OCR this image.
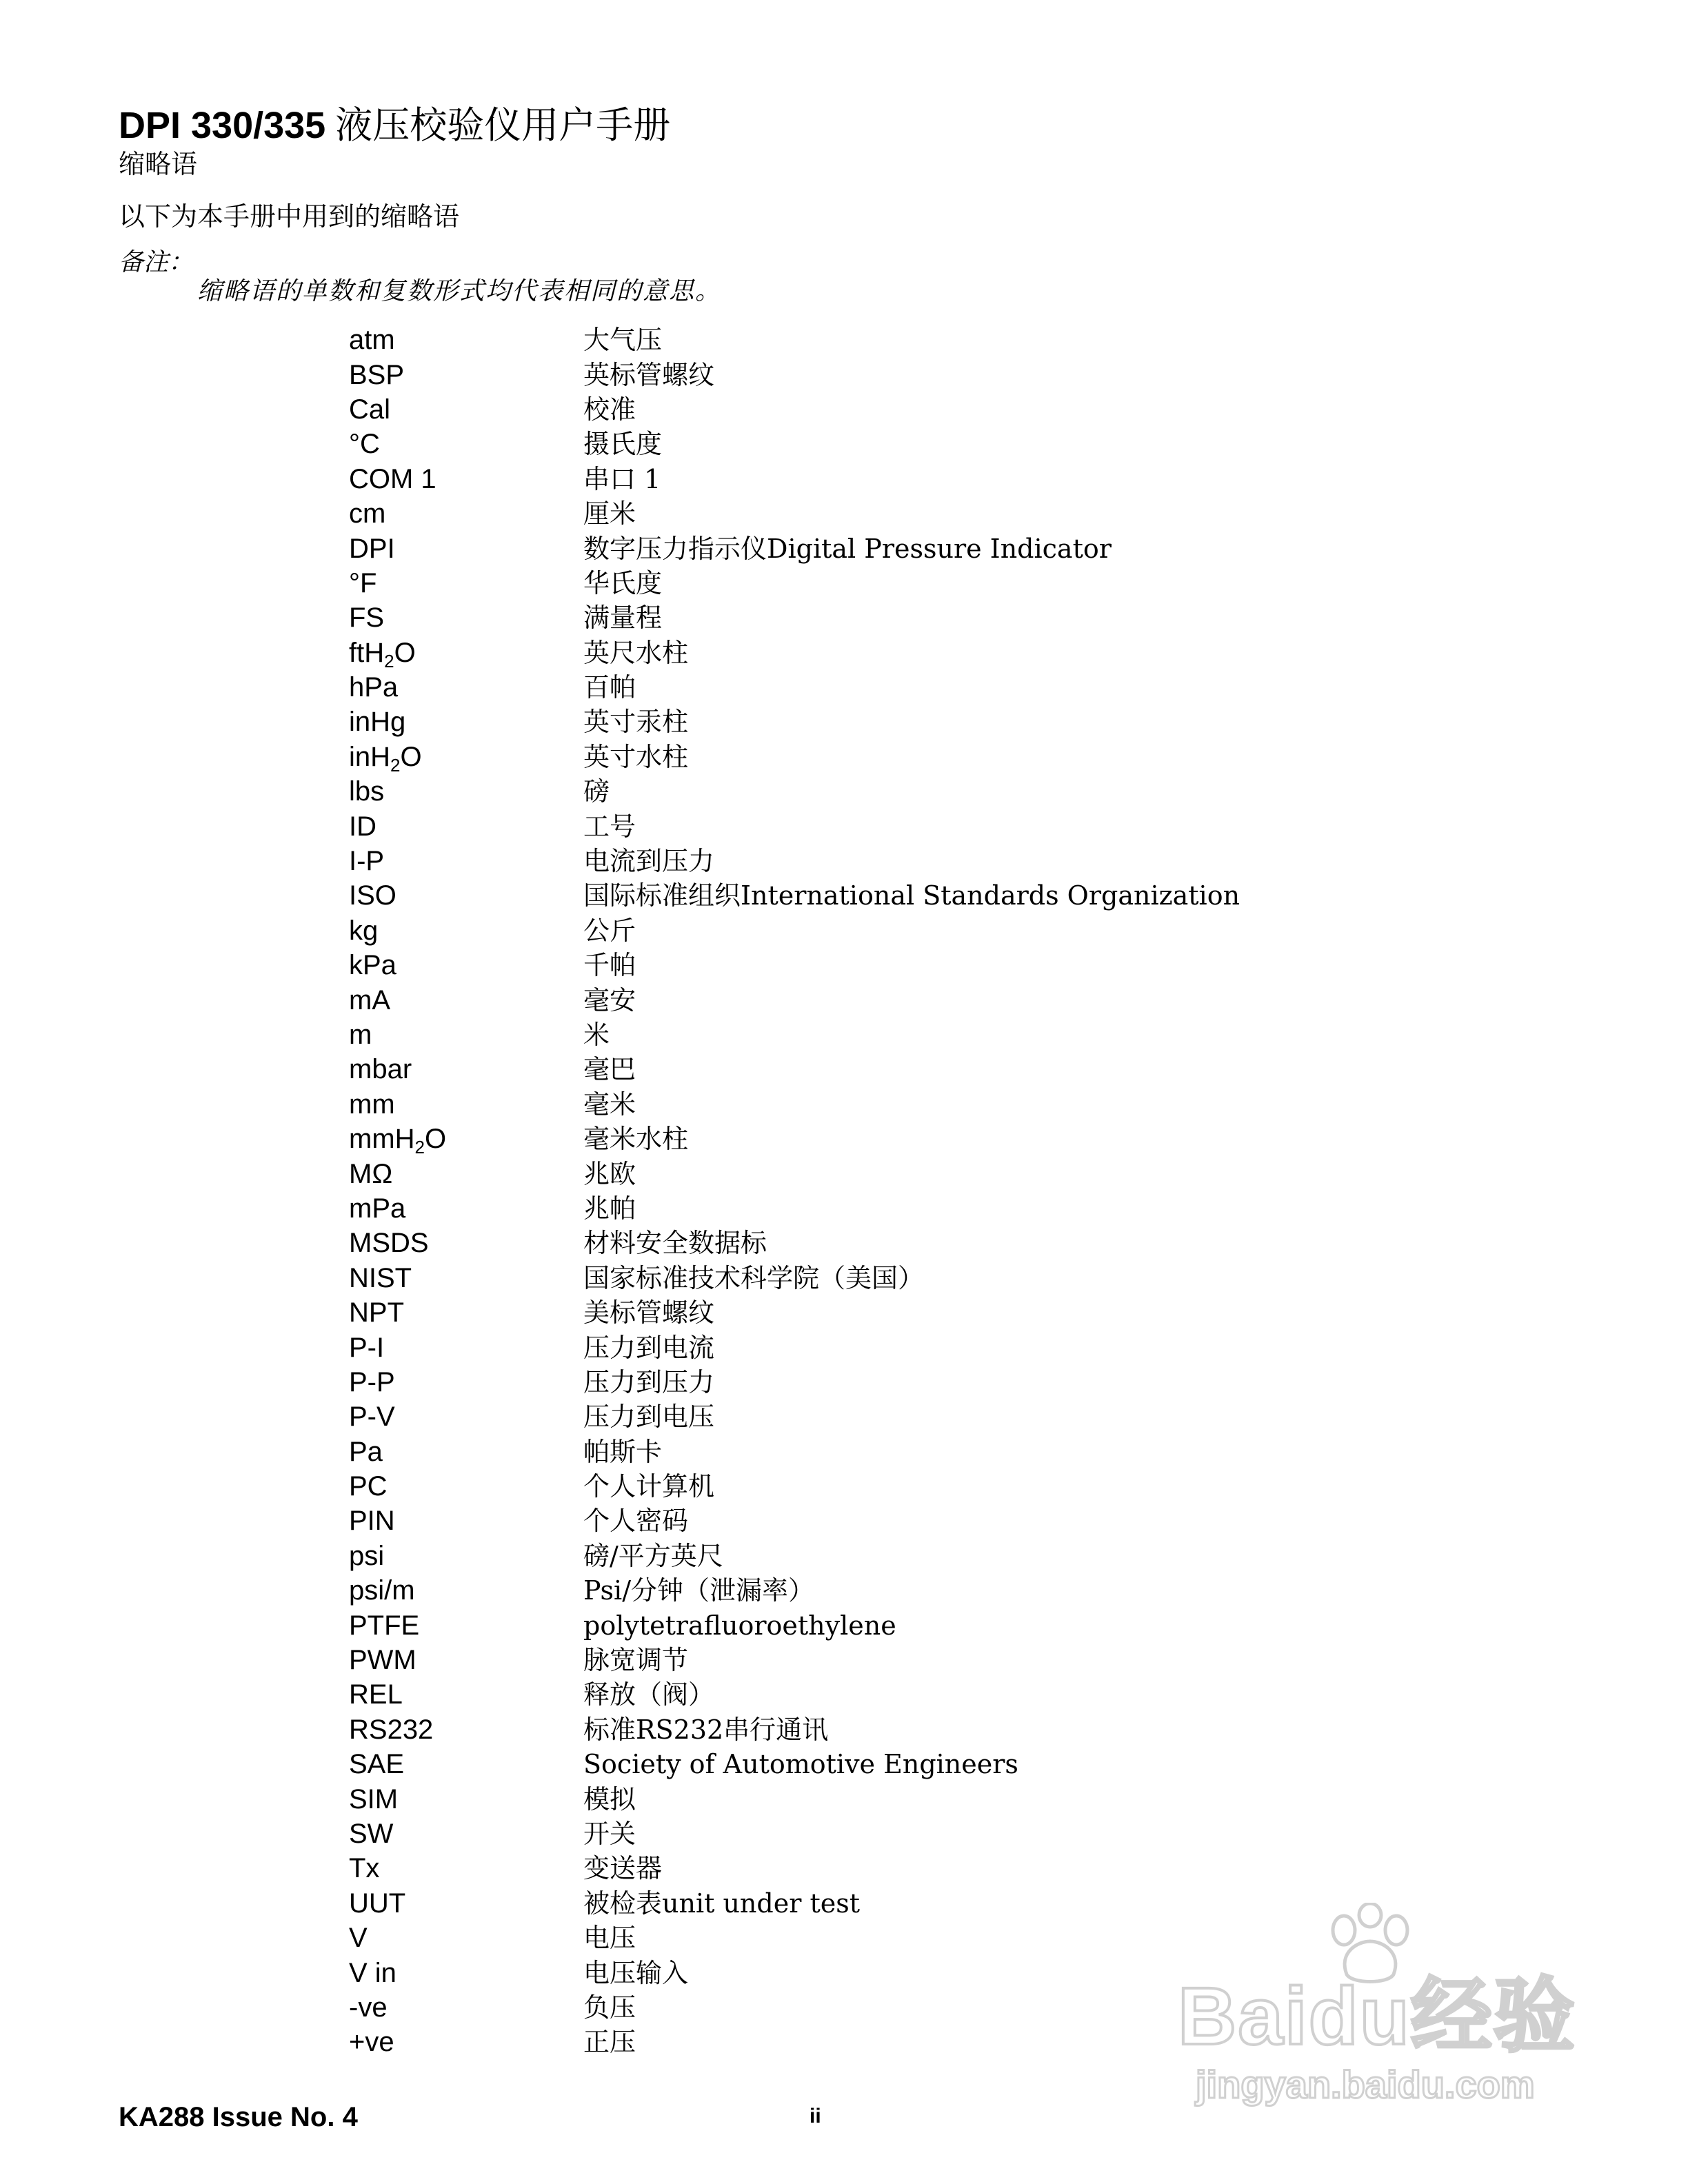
DPI 330/335 液压校验仪用户手册
缩略语
以下为本手册中用到的缩略语
备注：
缩略语的单数和复数形式均代表相同的意思。
atm	大气压
BSP	英标管螺纹
Cal	校准
°C	摄氏度
COM 1	串口 1
cm	厘米
DPI	数字压力指示仪Digital Pressure Indicator
°F	华氏度
FS	满量程
ftH$_2$O	英尺水柱
hPa	百帕
inHg	英寸汞柱
inH$_2$O	英寸水柱
lbs	磅
ID	工号
I-P	电流到压力
ISO	国际标准组织International Standards Organization
kg	公斤
kPa	千帕
mA	毫安
m	米
mbar	毫巴
mm	毫米
mmH$_2$O	毫米水柱
MΩ	兆欧
mPa	兆帕
MSDS	材料安全数据标
NIST	国家标准技术科学院（美国）
NPT	美标管螺纹
P-I	压力到电流
P-P	压力到压力
P-V	压力到电压
Pa	帕斯卡
PC	个人计算机
PIN	个人密码
psi	磅/平方英尺
psi/m	Psi/分钟（泄漏率）
PTFE	polytetrafluoroethylene
PWM	脉宽调节
REL	释放（阀）
RS232	标准RS232串行通讯
SAE	Society of Automotive Engineers
SIM	模拟
SW	开关
Tx	变送器
UUT	被检表unit under test
V	电压
V in	电压输入
-ve	负压
+ve	正压
KA288 Issue No. 4	ii
Baidu经验
jingyan.baidu.com
